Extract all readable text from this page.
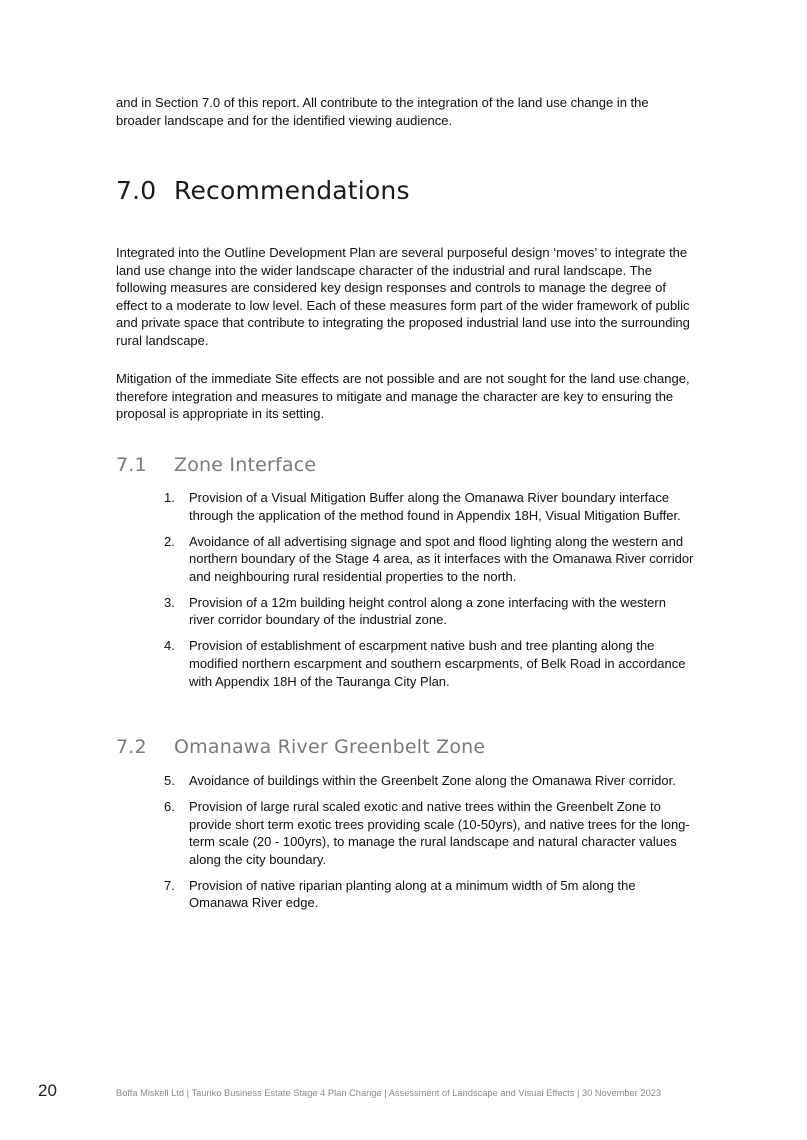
and in Section 7.0 of this report. All contribute to the integration of the land use change in the broader landscape and for the identified viewing audience.

7.0 Recommendations

Integrated into the Outline Development Plan are several purposeful design ‘moves’ to integrate the land use change into the wider landscape character of the industrial and rural landscape. The following measures are considered key design responses and controls to manage the degree of effect to a moderate to low level. Each of these measures form part of the wider framework of public and private space that contribute to integrating the proposed industrial land use into the surrounding rural landscape.

Mitigation of the immediate Site effects are not possible and are not sought for the land use change, therefore integration and measures to mitigate and manage the character are key to ensuring the proposal is appropriate in its setting.

7.1 Zone Interface
1. Provision of a Visual Mitigation Buffer along the Omanawa River boundary interface through the application of the method found in Appendix 18H, Visual Mitigation Buffer.
2. Avoidance of all advertising signage and spot and flood lighting along the western and northern boundary of the Stage 4 area, as it interfaces with the Omanawa River corridor and neighbouring rural residential properties to the north.
3. Provision of a 12m building height control along a zone interfacing with the western river corridor boundary of the industrial zone.
4. Provision of establishment of escarpment native bush and tree planting along the modified northern escarpment and southern escarpments, of Belk Road in accordance with Appendix 18H of the Tauranga City Plan.
7.2 Omanawa River Greenbelt Zone
5. Avoidance of buildings within the Greenbelt Zone along the Omanawa River corridor.
6. Provision of large rural scaled exotic and native trees within the Greenbelt Zone to provide short term exotic trees providing scale (10-50yrs), and native trees for the long-term scale (20 - 100yrs), to manage the rural landscape and natural character values along the city boundary.
7. Provision of native riparian planting along at a minimum width of 5m along the Omanawa River edge.
20	Boffa Miskell Ltd | Tauriko Business Estate Stage 4 Plan Change | Assessment of Landscape and Visual Effects | 30 November 2023
